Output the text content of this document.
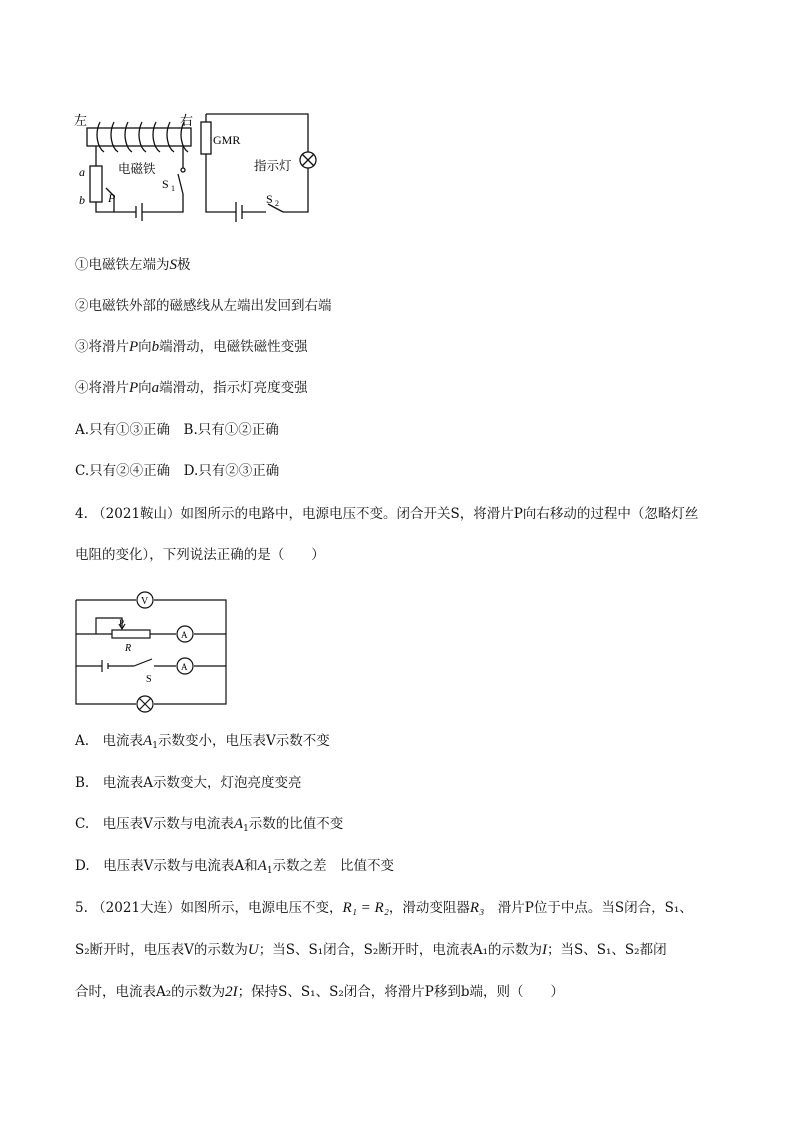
左	右
电磁铁
a
b P
S 1
GMR
指示灯
S 2
①电磁铁左端为S极
②电磁铁外部的磁感线从左端出发回到右端
③将滑片P向b端滑动，电磁铁磁性变强
④将滑片P向a端滑动，指示灯亮度变强
A.只有①③正确　B.只有①②正确
C.只有②④正确　D.只有②③正确
4. （2021鞍山）如图所示的电路中，电源电压不变。闭合开关S，将滑片P向右移动的过程中（忽略灯丝
电阻的变化），下列说法正确的是（　　）
V
P
R
A
A
S
A.　电流表$A_1$示数变小，电压表V示数不变
B.　电流表A示数变大，灯泡亮度变亮
C.　电压表V示数与电流表$A_1$示数的比值不变
D.　电压表V示数与电流表A和$A_1$示数之差　比值不变
5. （2021大连）如图所示，电源电压不变，R₁ = R₂，滑动变阻器R₃　滑片P位于中点。当S闭合，S₁、
S₂断开时，电压表V的示数为U；当S、S₁闭合，S₂断开时，电流表A₁的示数为I；当S、S₁、S₂都闭
合时，电流表A₂的示数为2I；保持S、S₁、S₂闭合，将滑片P移到b端，则（　　）
